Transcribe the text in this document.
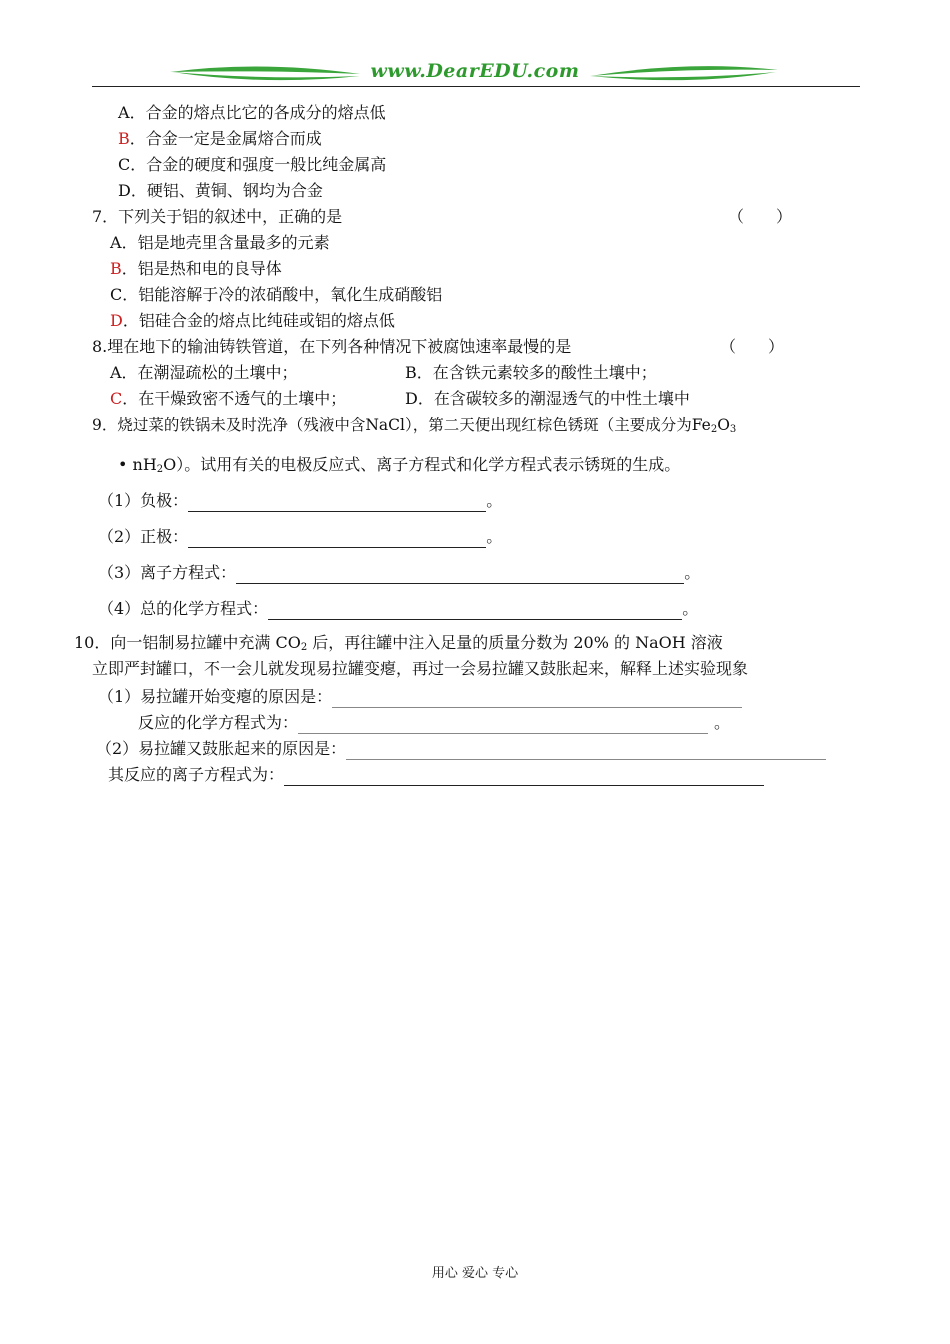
www.DearEDU.com
A．合金的熔点比它的各成分的熔点低
B．合金一定是金属熔合而成
C．合金的硬度和强度一般比纯金属高
D．硬铝、黄铜、钢均为合金
7．下列关于铝的叙述中，正确的是	（　　）
A．铝是地壳里含量最多的元素
B．铝是热和电的良导体
C．铝能溶解于冷的浓硝酸中，氧化生成硝酸铝
D．铝硅合金的熔点比纯硅或铝的熔点低
8.埋在地下的输油铸铁管道，在下列各种情况下被腐蚀速率最慢的是	（　　）
A．在潮湿疏松的土壤中；	B．在含铁元素较多的酸性土壤中；
C．在干燥致密不透气的土壤中；	D．在含碳较多的潮湿透气的中性土壤中
9．烧过菜的铁锅未及时洗净（残液中含NaCl），第二天便出现红棕色锈斑（主要成分为$Fe_2O_3$
• $nH_2O$）。试用有关的电极反应式、离子方程式和化学方程式表示锈斑的生成。
（1）负极：	。
（2）正极：	。
（3）离子方程式：	。
（4）总的化学方程式：	。
10．向一铝制易拉罐中充满 $CO_2$ 后，再往罐中注入足量的质量分数为 20% 的 NaOH 溶液
立即严封罐口，不一会儿就发现易拉罐变瘪，再过一会易拉罐又鼓胀起来，解释上述实验现象
（1）易拉罐开始变瘪的原因是：
反应的化学方程式为：	。
（2）易拉罐又鼓胀起来的原因是：
其反应的离子方程式为：
用心 爱心 专心
